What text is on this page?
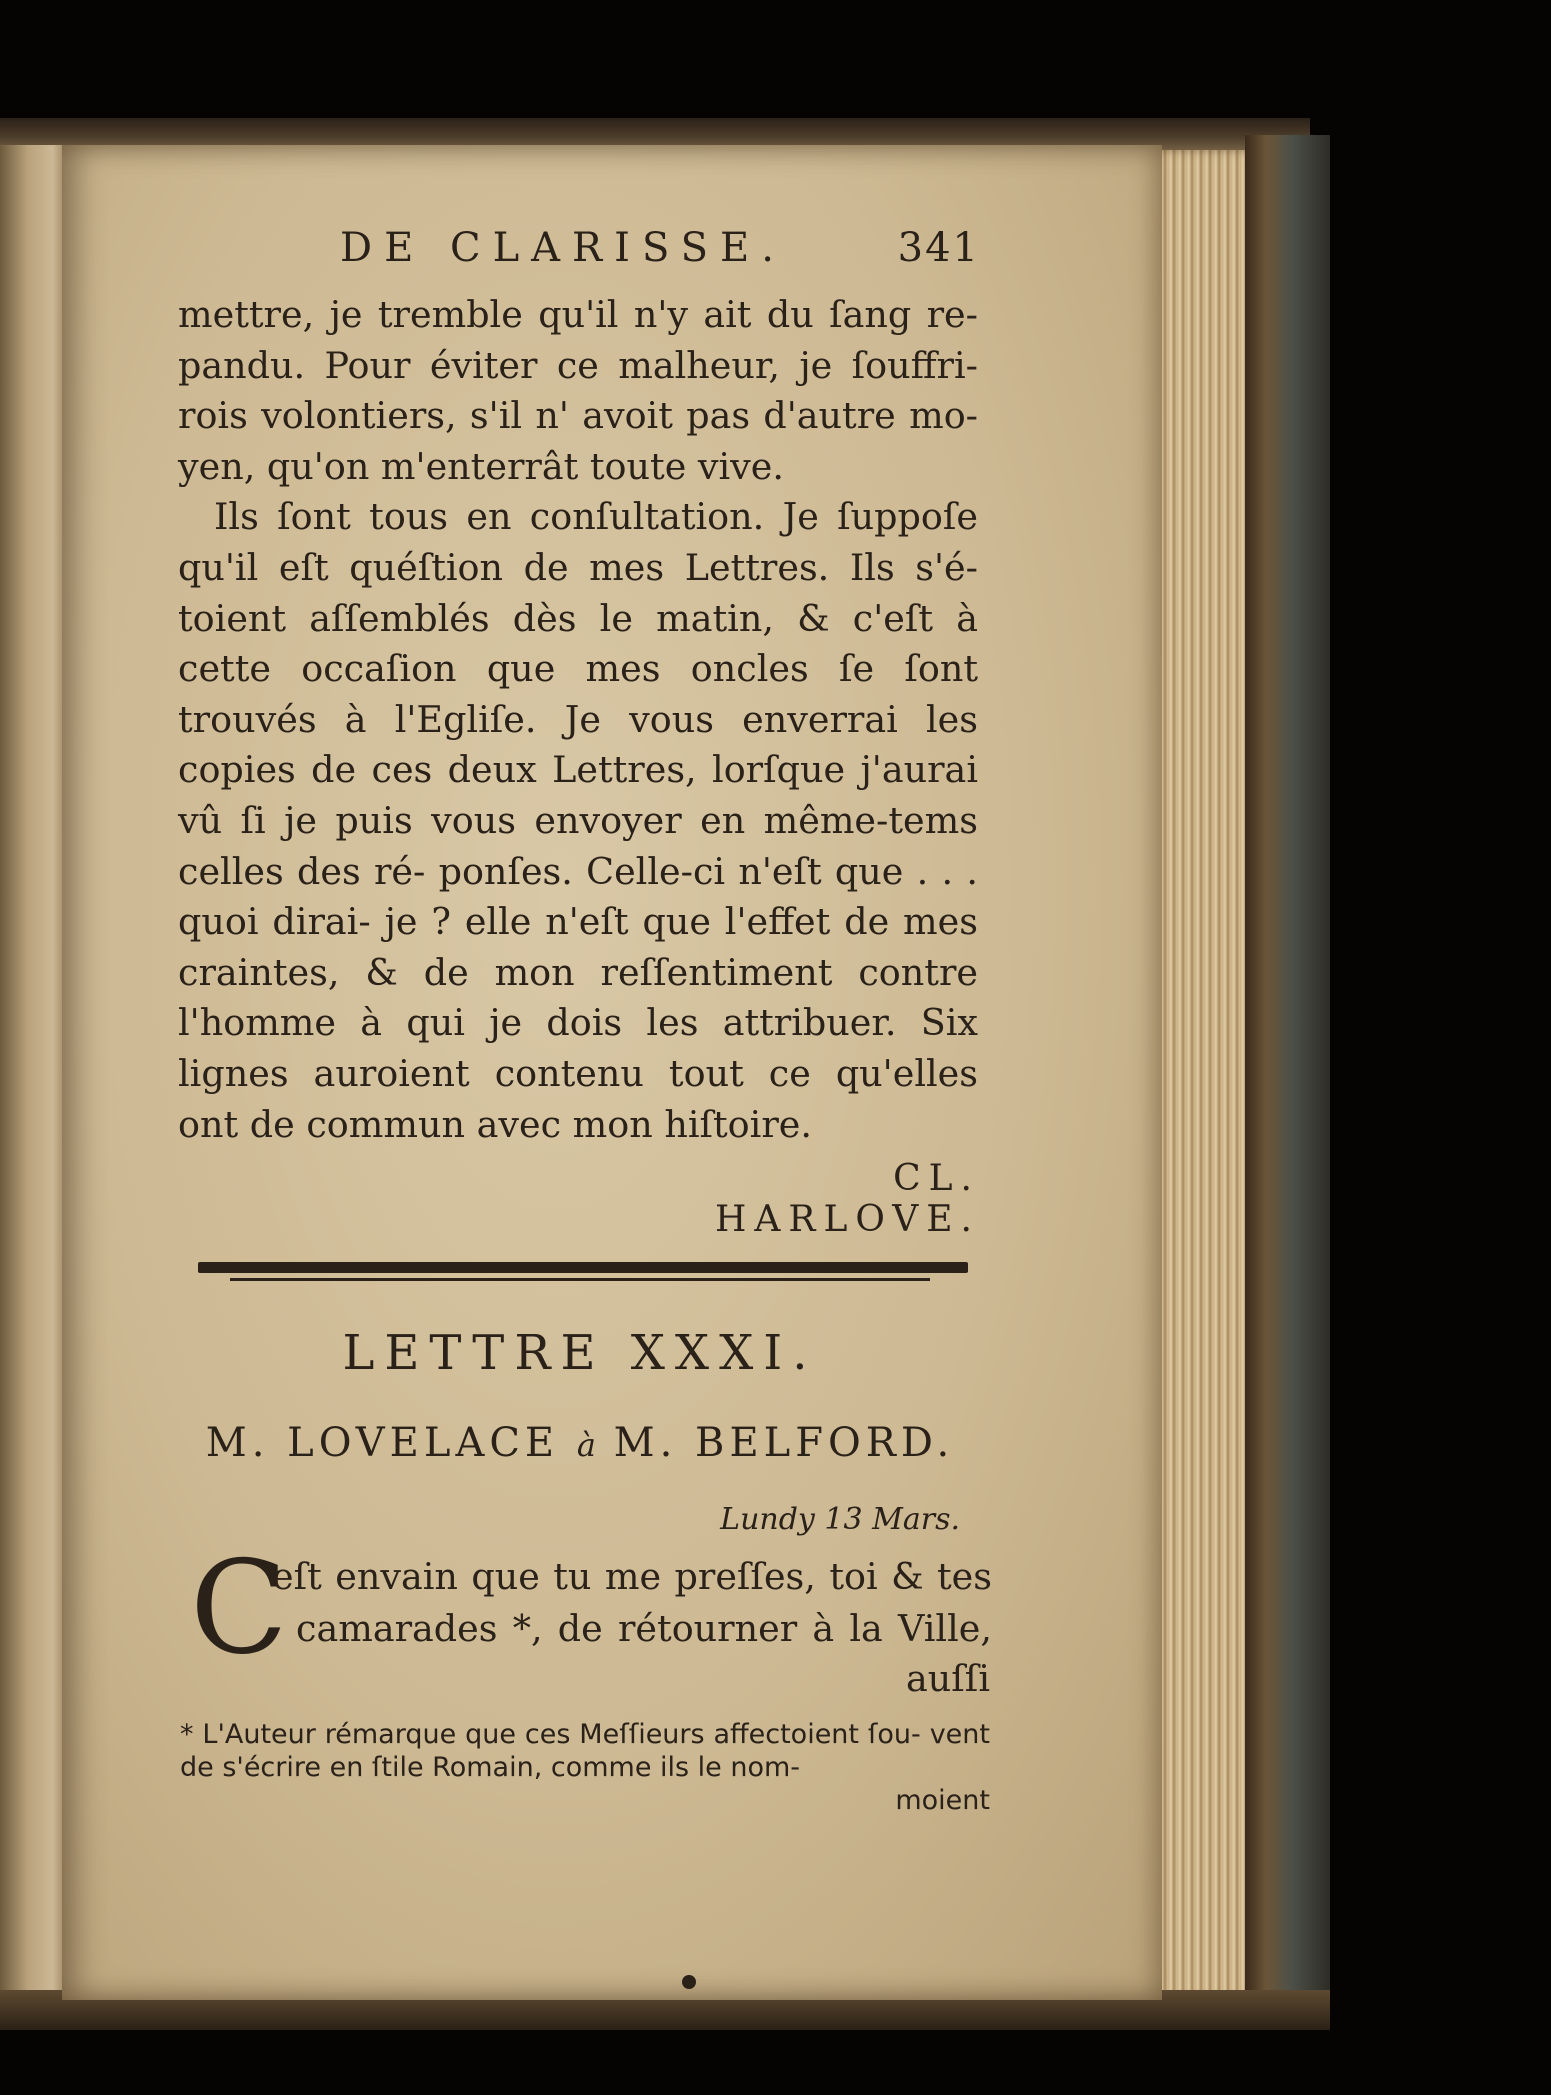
DE CLARISSE.	341

mettre, je tremble qu'il n'y ait du ſang re- pandu. Pour éviter ce malheur, je ſouffri- rois volontiers, s'il n' avoit pas d'autre mo- yen, qu'on m'enterrât toute vive.

Ils ſont tous en conſultation. Je ſuppoſe qu'il eſt quéſtion de mes Lettres. Ils s'é- toient aſſemblés dès le matin, & c'eſt à cette occaſion que mes oncles ſe ſont trouvés à l'Egliſe. Je vous enverrai les copies de ces deux Lettres, lorſque j'aurai vû ſi je puis vous envoyer en même-tems celles des ré- ponſes. Celle-ci n'eſt que . . . quoi dirai- je ? elle n'eſt que l'effet de mes craintes, & de mon reſſentiment contre l'homme à qui je dois les attribuer. Six lignes auroient contenu tout ce qu'elles ont de commun avec mon hiſtoire.

CL. HARLOVE.
LETTRE XXXI.
M. LOVELACE à M. BELFORD.
Lundy 13 Mars.
C
'eſt envain que tu me preſſes, toi & tes
camarades *, de rétourner à la Ville,
auſſi
* L'Auteur rémarque que ces Meſſieurs affectoient ſou- vent de s'écrire en ſtile Romain, comme ils le nom-
moient
